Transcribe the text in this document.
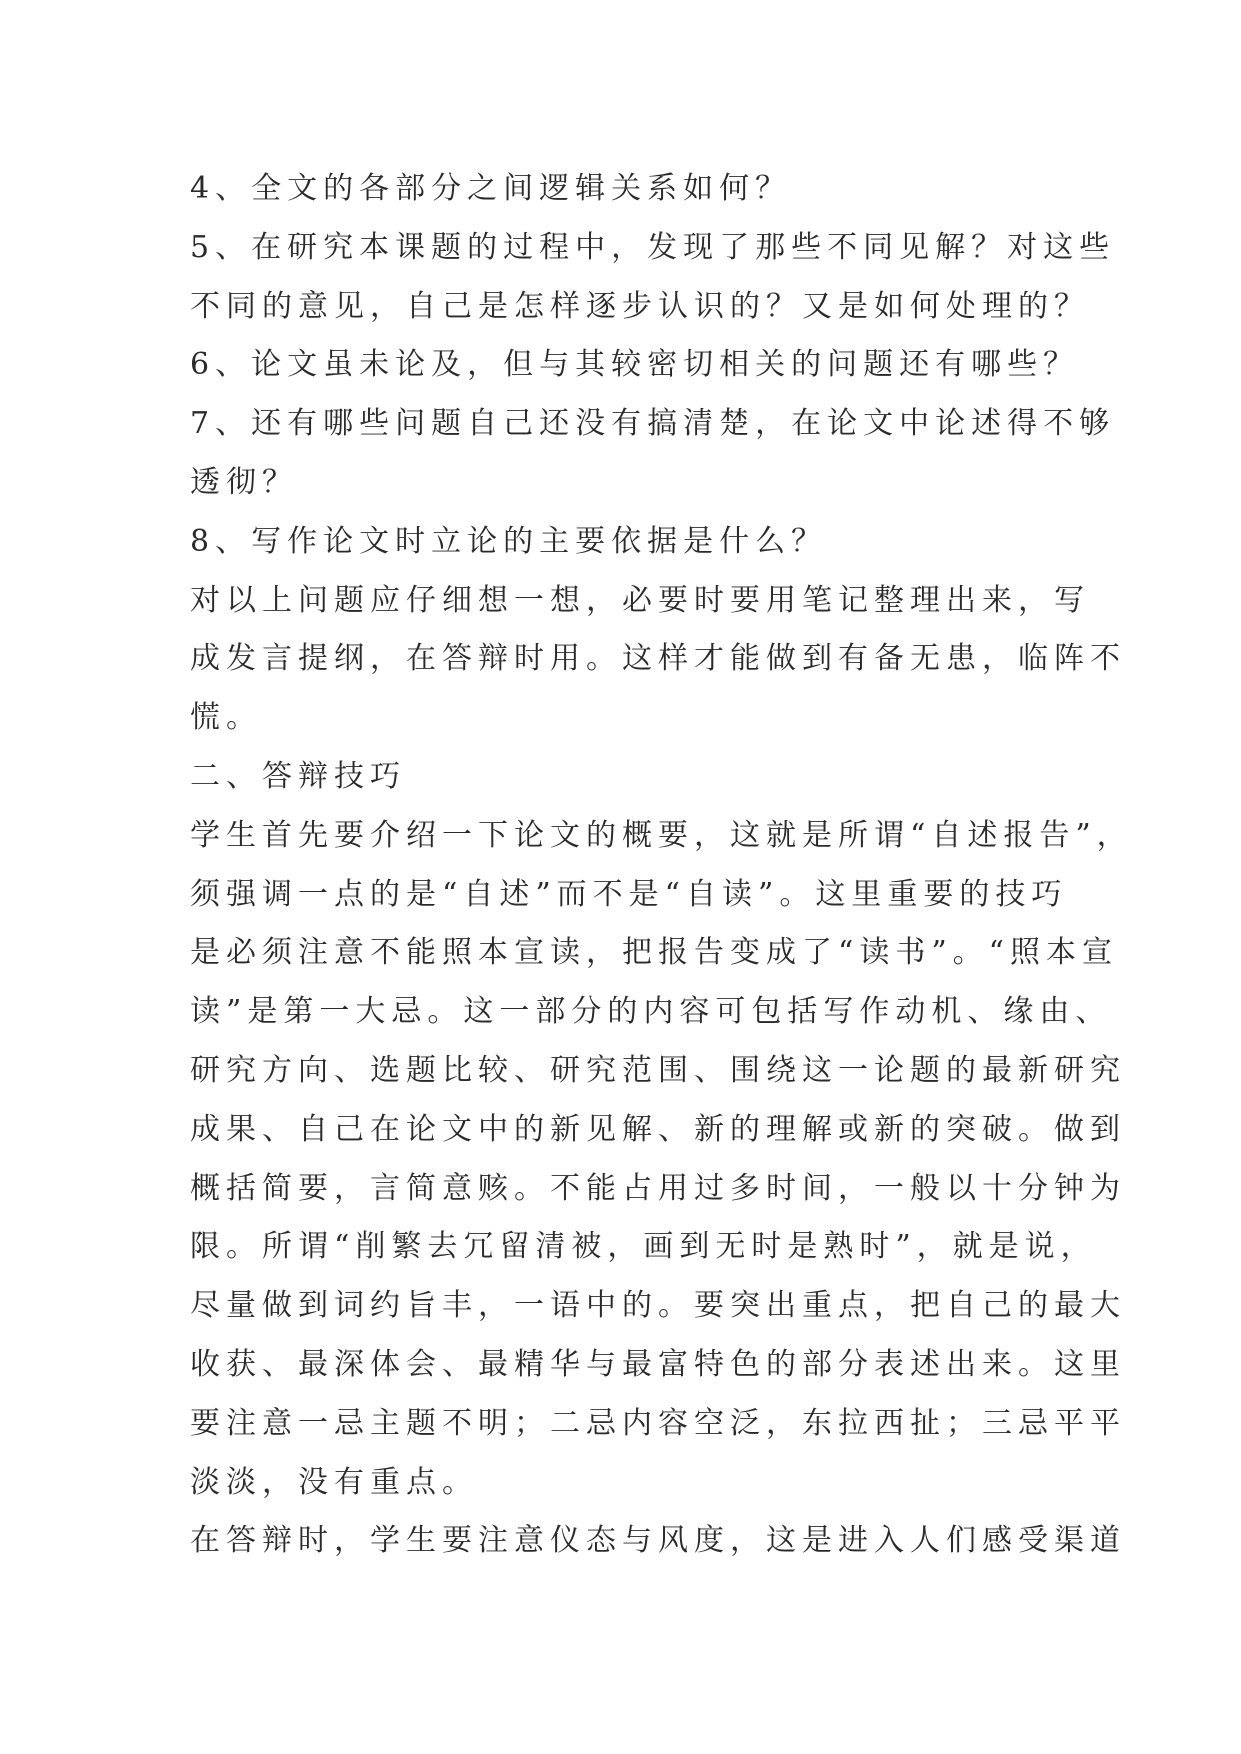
4、全文的各部分之间逻辑关系如何？
5、在研究本课题的过程中，发现了那些不同见解？对这些
不同的意见，自己是怎样逐步认识的？又是如何处理的？
6、论文虽未论及，但与其较密切相关的问题还有哪些？
7、还有哪些问题自己还没有搞清楚，在论文中论述得不够
透彻？
8、写作论文时立论的主要依据是什么？
对以上问题应仔细想一想，必要时要用笔记整理出来，写
成发言提纲，在答辩时用。这样才能做到有备无患，临阵不
慌。
二、答辩技巧
学生首先要介绍一下论文的概要，这就是所谓“自述报告”，
须强调一点的是“自述”而不是“自读”。这里重要的技巧
是必须注意不能照本宣读，把报告变成了“读书”。“照本宣
读”是第一大忌。这一部分的内容可包括写作动机、缘由、
研究方向、选题比较、研究范围、围绕这一论题的最新研究
成果、自己在论文中的新见解、新的理解或新的突破。做到
概括简要，言简意赅。不能占用过多时间，一般以十分钟为
限。所谓“削繁去冗留清被，画到无时是熟时”，就是说，
尽量做到词约旨丰，一语中的。要突出重点，把自己的最大
收获、最深体会、最精华与最富特色的部分表述出来。这里
要注意一忌主题不明；二忌内容空泛，东拉西扯；三忌平平
淡淡，没有重点。
在答辩时，学生要注意仪态与风度，这是进入人们感受渠道
